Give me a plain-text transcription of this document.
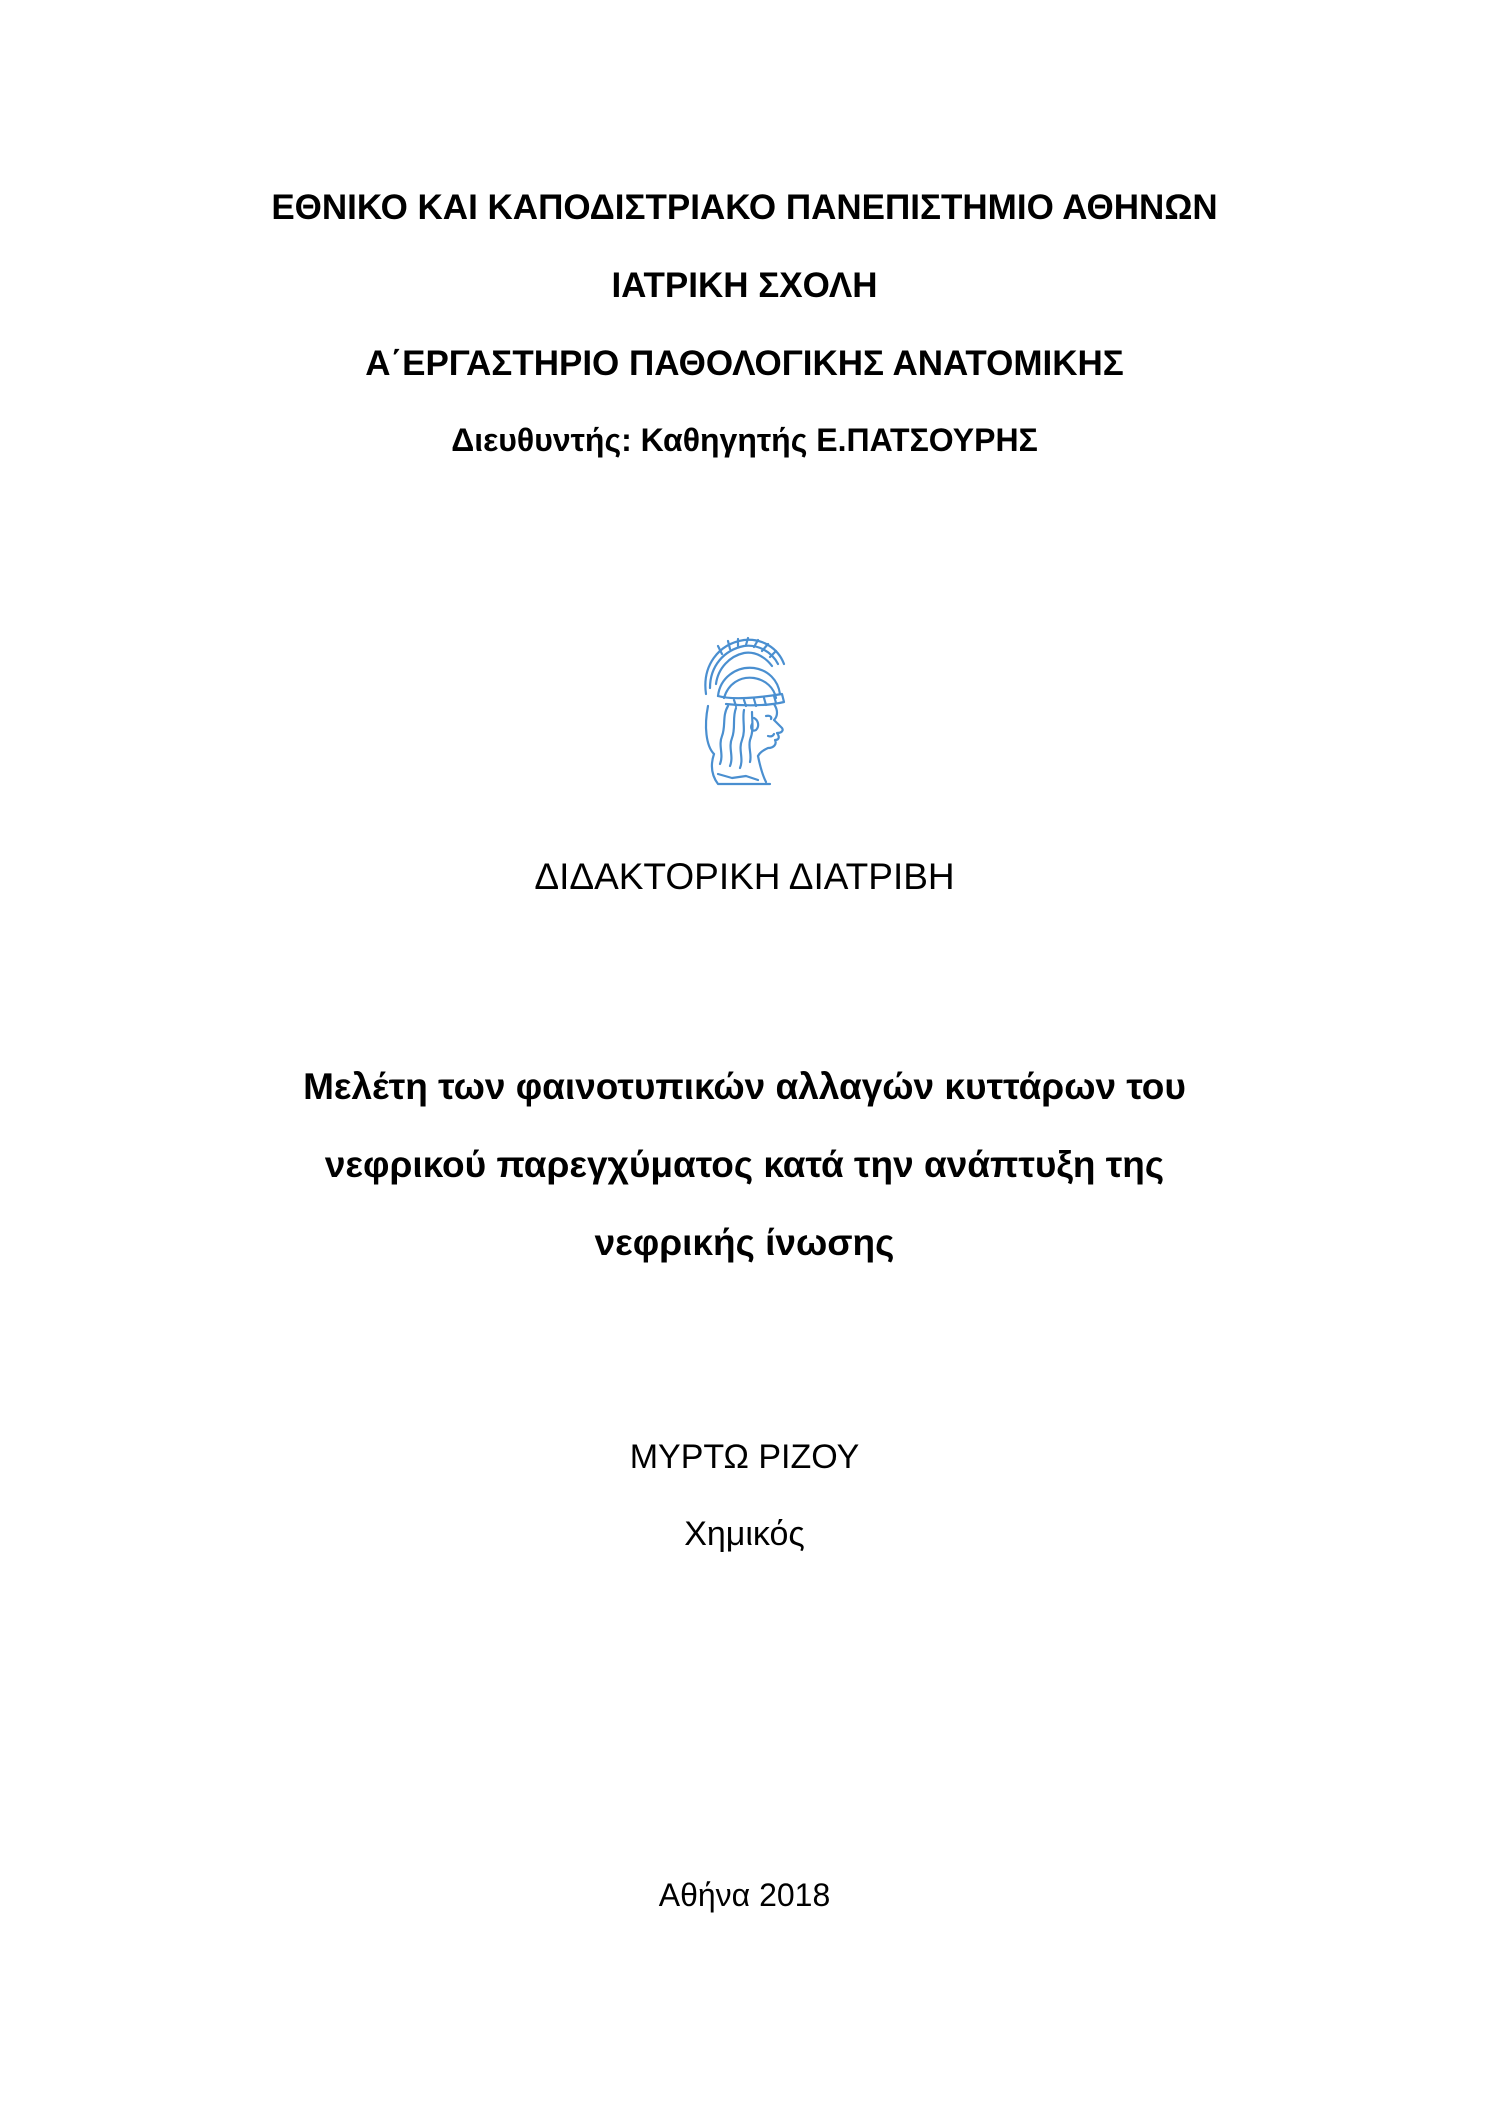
ΕΘΝΙΚΟ ΚΑΙ ΚΑΠΟΔΙΣΤΡΙΑΚΟ ΠΑΝΕΠΙΣΤΗΜΙΟ ΑΘΗΝΩΝ
ΙΑΤΡΙΚΗ ΣΧΟΛΗ
Α΄ΕΡΓΑΣΤΗΡΙΟ ΠΑΘΟΛΟΓΙΚΗΣ ΑΝΑΤΟΜΙΚΗΣ
Διευθυντής: Καθηγητής Ε.ΠΑΤΣΟΥΡΗΣ
ΔΙΔΑΚΤΟΡΙΚΗ ΔΙΑΤΡΙΒΗ
Μελέτη των φαινοτυπικών αλλαγών κυττάρων του
νεφρικού παρεγχύματος κατά την ανάπτυξη της
νεφρικής ίνωσης
ΜΥΡΤΩ ΡΙΖΟΥ
Χημικός
Αθήνα 2018
